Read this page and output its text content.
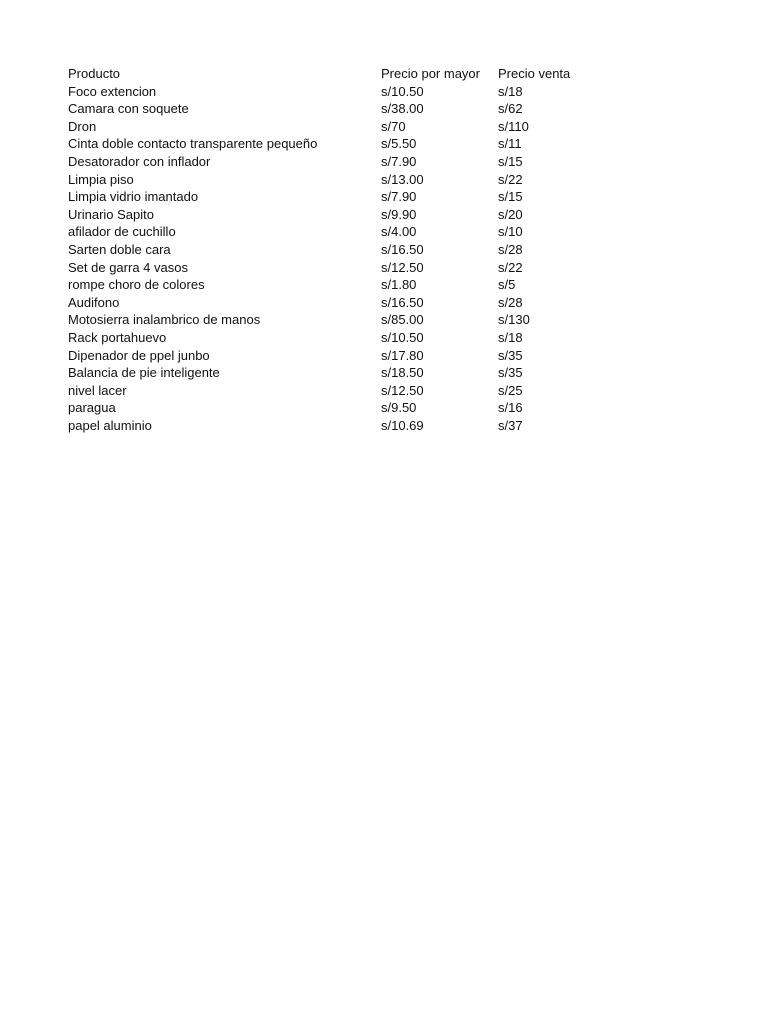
Producto	Precio por mayor	Precio venta
Foco extencion	s/10.50	s/18
Camara con soquete	s/38.00	s/62
Dron	s/70	s/110
Cinta doble contacto transparente pequeño	s/5.50	s/11
Desatorador con inflador	s/7.90	s/15
Limpia piso	s/13.00	s/22
Limpia vidrio imantado	s/7.90	s/15
Urinario Sapito	s/9.90	s/20
afilador de cuchillo	s/4.00	s/10
Sarten doble cara	s/16.50	s/28
Set de garra 4 vasos	s/12.50	s/22
rompe choro de colores	s/1.80	s/5
Audifono	s/16.50	s/28
Motosierra inalambrico de manos	s/85.00	s/130
Rack portahuevo	s/10.50	s/18
Dipenador de ppel junbo	s/17.80	s/35
Balancia de pie inteligente	s/18.50	s/35
nivel lacer	s/12.50	s/25
paragua	s/9.50	s/16
papel aluminio	s/10.69	s/37
